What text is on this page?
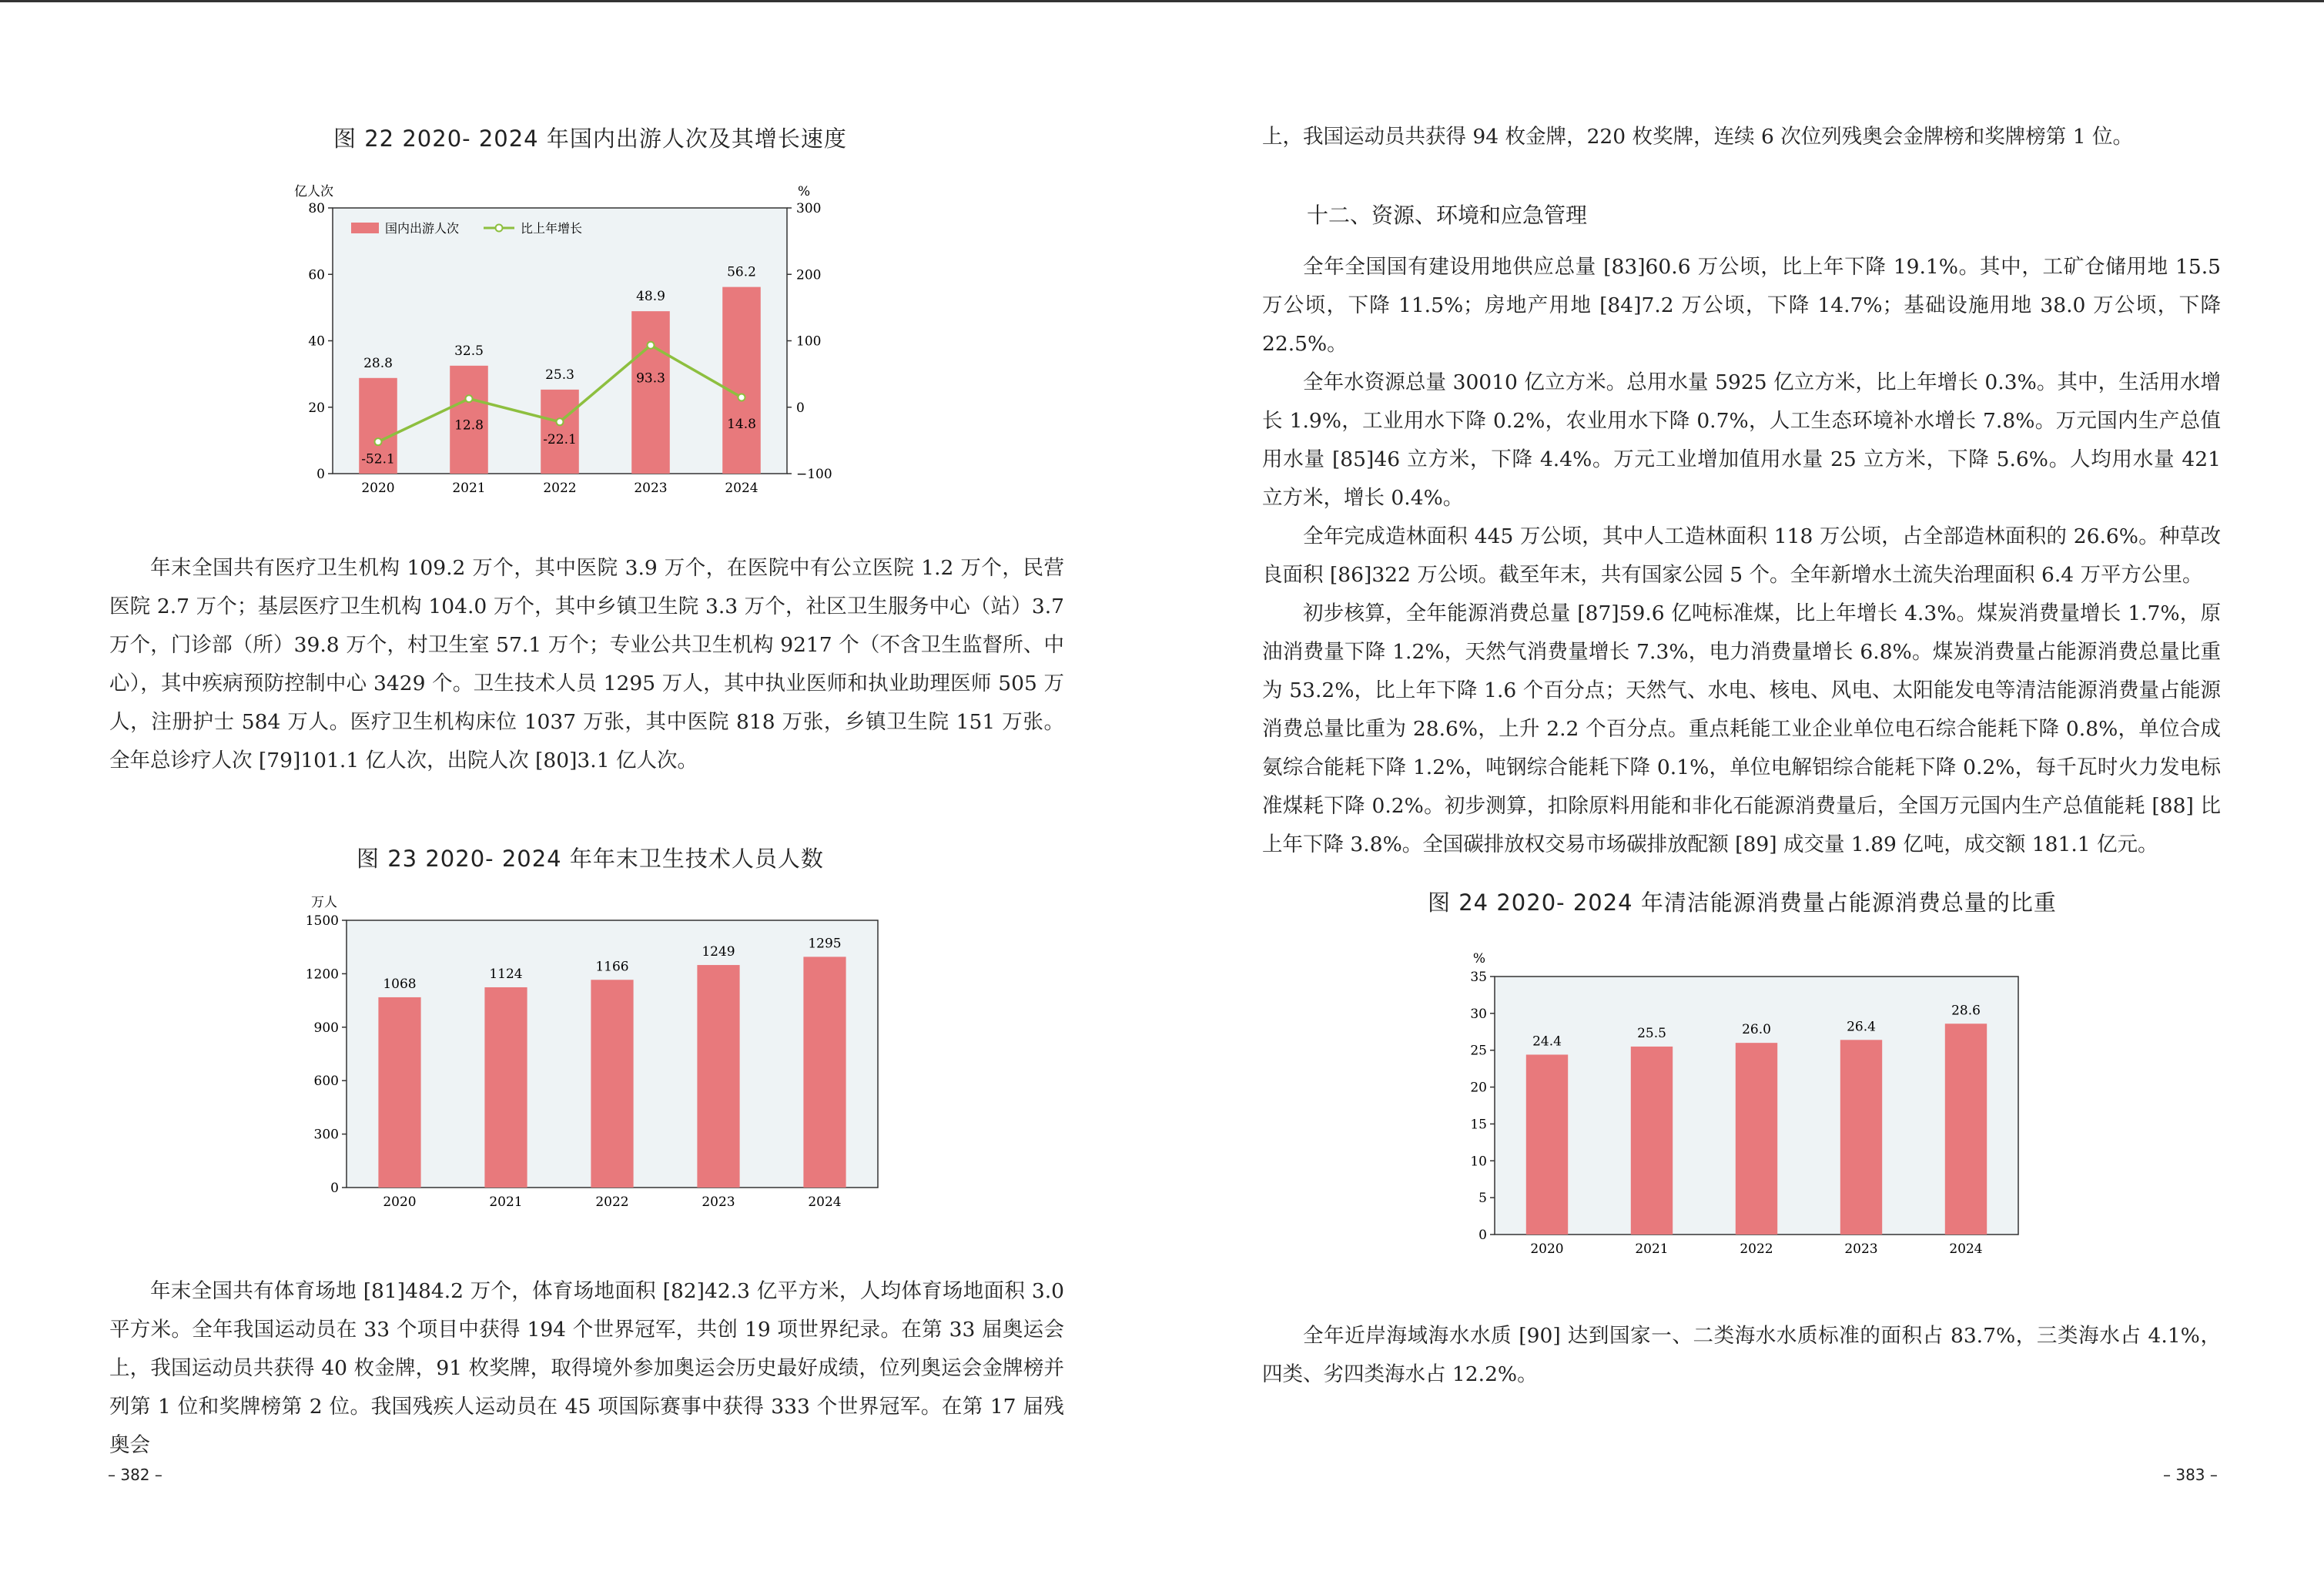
图 22 2020- 2024 年国内出游人次及其增长速度
亿人次	%
0
20
40
60
80
−100
0
100
200
300
28.8
2020
32.5
2021
25.3
2022
48.9
2023
56.2
2024
-52.1
12.8
-22.1
93.3
14.8
国内出游人次	比上年增长

年末全国共有医疗卫生机构 109.2 万个，其中医院 3.9 万个，在医院中有公立医院 1.2 万个，民营医院 2.7 万个；基层医疗卫生机构 104.0 万个，其中乡镇卫生院 3.3 万个，社区卫生服务中心（站）3.7 万个，门诊部（所）39.8 万个，村卫生室 57.1 万个；专业公共卫生机构 9217 个（不含卫生监督所、中心），其中疾病预防控制中心 3429 个。卫生技术人员 1295 万人，其中执业医师和执业助理医师 505 万人，注册护士 584 万人。医疗卫生机构床位 1037 万张，其中医院 818 万张，乡镇卫生院 151 万张。全年总诊疗人次 [79]101.1 亿人次，出院人次 [80]3.1 亿人次。

图 23 2020- 2024 年年末卫生技术人员人数
万人
0
300
600
900
1200
1500
1068
2020
1124
2021
1166
2022
1249
2023
1295
2024

年末全国共有体育场地 [81]484.2 万个，体育场地面积 [82]42.3 亿平方米，人均体育场地面积 3.0 平方米。全年我国运动员在 33 个项目中获得 194 个世界冠军，共创 19 项世界纪录。在第 33 届奥运会上，我国运动员共获得 40 枚金牌，91 枚奖牌，取得境外参加奥运会历史最好成绩，位列奥运会金牌榜并列第 1 位和奖牌榜第 2 位。我国残疾人运动员在 45 项国际赛事中获得 333 个世界冠军。在第 17 届残奥会

– 382 –

上，我国运动员共获得 94 枚金牌，220 枚奖牌，连续 6 次位列残奥会金牌榜和奖牌榜第 1 位。

十二、资源、环境和应急管理

全年全国国有建设用地供应总量 [83]60.6 万公顷，比上年下降 19.1%。其中，工矿仓储用地 15.5 万公顷，下降 11.5%；房地产用地 [84]7.2 万公顷，下降 14.7%；基础设施用地 38.0 万公顷，下降 22.5%。

全年水资源总量 30010 亿立方米。总用水量 5925 亿立方米，比上年增长 0.3%。其中，生活用水增长 1.9%，工业用水下降 0.2%，农业用水下降 0.7%，人工生态环境补水增长 7.8%。万元国内生产总值用水量 [85]46 立方米，下降 4.4%。万元工业增加值用水量 25 立方米，下降 5.6%。人均用水量 421 立方米，增长 0.4%。

全年完成造林面积 445 万公顷，其中人工造林面积 118 万公顷，占全部造林面积的 26.6%。种草改良面积 [86]322 万公顷。截至年末，共有国家公园 5 个。全年新增水土流失治理面积 6.4 万平方公里。

初步核算，全年能源消费总量 [87]59.6 亿吨标准煤，比上年增长 4.3%。煤炭消费量增长 1.7%，原油消费量下降 1.2%，天然气消费量增长 7.3%，电力消费量增长 6.8%。煤炭消费量占能源消费总量比重为 53.2%，比上年下降 1.6 个百分点；天然气、水电、核电、风电、太阳能发电等清洁能源消费量占能源消费总量比重为 28.6%，上升 2.2 个百分点。重点耗能工业企业单位电石综合能耗下降 0.8%，单位合成氨综合能耗下降 1.2%，吨钢综合能耗下降 0.1%，单位电解铝综合能耗下降 0.2%，每千瓦时火力发电标准煤耗下降 0.2%。初步测算，扣除原料用能和非化石能源消费量后，全国万元国内生产总值能耗 [88] 比上年下降 3.8%。全国碳排放权交易市场碳排放配额 [89] 成交量 1.89 亿吨，成交额 181.1 亿元。

图 24 2020- 2024 年清洁能源消费量占能源消费总量的比重
%
0
5
10
15
20
25
30
35
24.4
2020
25.5
2021
26.0
2022
26.4
2023
28.6
2024

全年近岸海域海水水质 [90] 达到国家一、二类海水水质标准的面积占 83.7%，三类海水占 4.1%，四类、劣四类海水占 12.2%。

– 383 –
